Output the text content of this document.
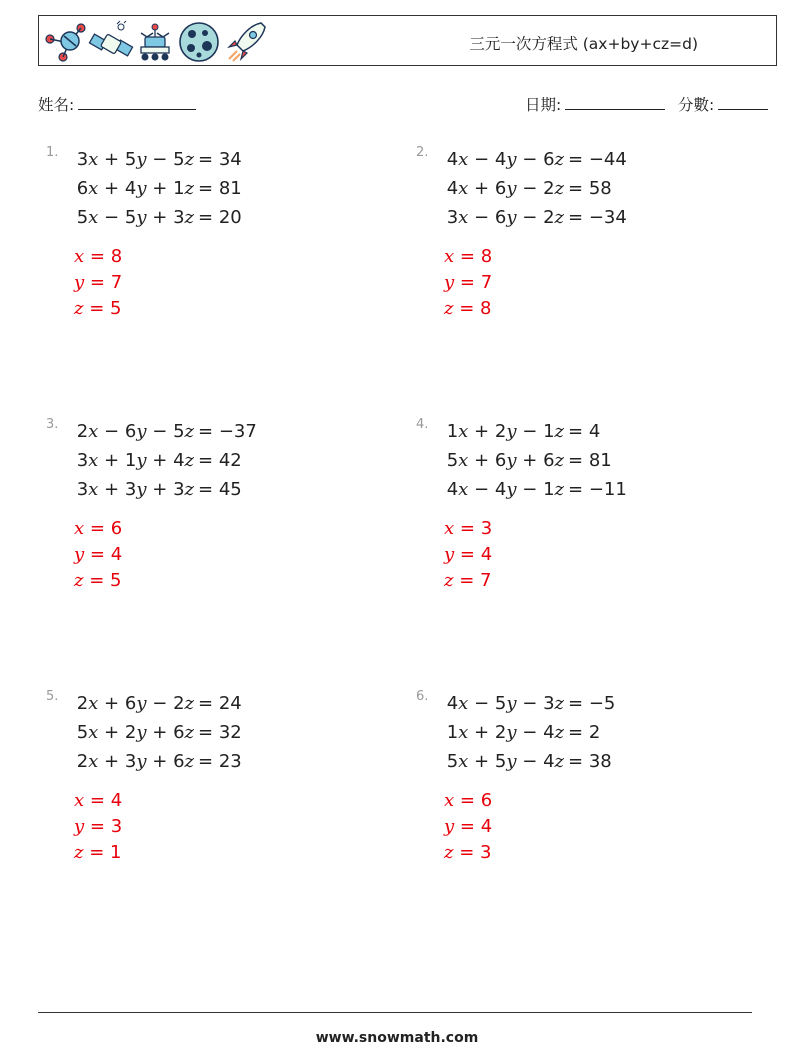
三元一次方程式 (ax+by+cz=d)
姓名:	日期:	分數:
1.	3x + 5y − 5z = 34
6x + 4y + 1z = 81
5x − 5y + 3z = 20
x = 8
y = 7
z = 5
2.	4x − 4y − 6z = −44
4x + 6y − 2z = 58
3x − 6y − 2z = −34
x = 8
y = 7
z = 8
3.	2x − 6y − 5z = −37
3x + 1y + 4z = 42
3x + 3y + 3z = 45
x = 6
y = 4
z = 5
4.	1x + 2y − 1z = 4
5x + 6y + 6z = 81
4x − 4y − 1z = −11
x = 3
y = 4
z = 7
5.	2x + 6y − 2z = 24
5x + 2y + 6z = 32
2x + 3y + 6z = 23
x = 4
y = 3
z = 1
6.	4x − 5y − 3z = −5
1x + 2y − 4z = 2
5x + 5y − 4z = 38
x = 6
y = 4
z = 3
www.snowmath.com
